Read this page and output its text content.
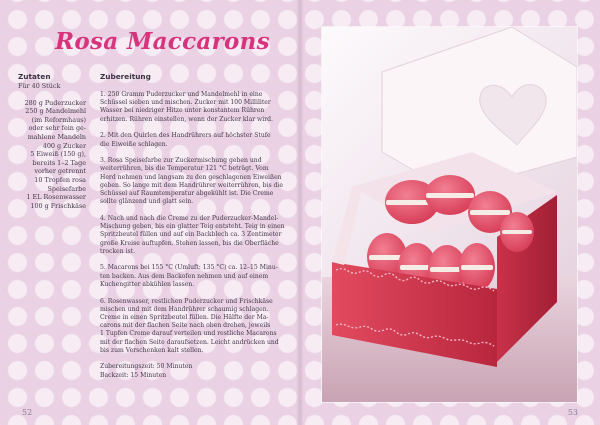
Rosa Maccarons
Zutaten
Für 40 Stück
280 g Puderzucker
250 g Mandelmehl
(im Reformhaus)
oder sehr fein ge-
mahlene Mandeln
400 g Zucker
5 Eiweiß (150 g),
bereits 1–2 Tage
vorher getrennt
10 Tropfen rosa
Speisefarbe
1 EL Rosenwasser
100 g Frischkäse
Zubereitung
1. 250 Gramm Puderzucker und Mandelmehl in eine
Schüssel sieben und mischen. Zucker mit 100 Milliliter
Wasser bei niedriger Hitze unter konstantem Rühren
erhitzen. Rühren einstellen, wenn der Zucker klar wird.
2. Mit den Quirlen des Handrührers auf höchster Stufe
die Eiweiße schlagen.
3. Rosa Speisefarbe zur Zuckermischung geben und
weiterrühren, bis die Temperatur 121 °C beträgt. Vom
Herd nehmen und langsam zu den geschlagenen Eiweißen
geben. So lange mit dem Handrührer weiterrühren, bis die
Schüssel auf Raumtemperatur abgekühlt ist. Die Creme
sollte glänzend und glatt sein.
4. Nach und nach die Creme zu der Puderzucker-Mandel-
Mischung geben, bis ein glatter Teig entsteht. Teig in einen
Spritzbeutel füllen und auf ein Backblech ca. 3 Zentimeter
große Kreise auftupfen. Stehen lassen, bis die Oberfläche
trocken ist.
5. Macarons bei 155 °C (Umluft: 135 °C) ca. 12–15 Minu-
ten backen. Aus dem Backofen nehmen und auf einem
Kuchengitter abkühlen lassen.
6. Rosenwasser, restlichen Puderzucker und Frischkäse
mischen und mit dem Handrührer schaumig schlagen.
Creme in einen Spritzbeutel füllen. Die Hälfte der Ma-
carons mit der flachen Seite nach oben drehen, jeweils
1 Tupfen Creme darauf verteilen und restliche Macarons
mit der flachen Seite daraufsetzen. Leicht andrücken und
bis zum Verschenken kalt stellen.
Zubereitungszeit: 50 Minuten
Backzeit: 15 Minuten
52	53
